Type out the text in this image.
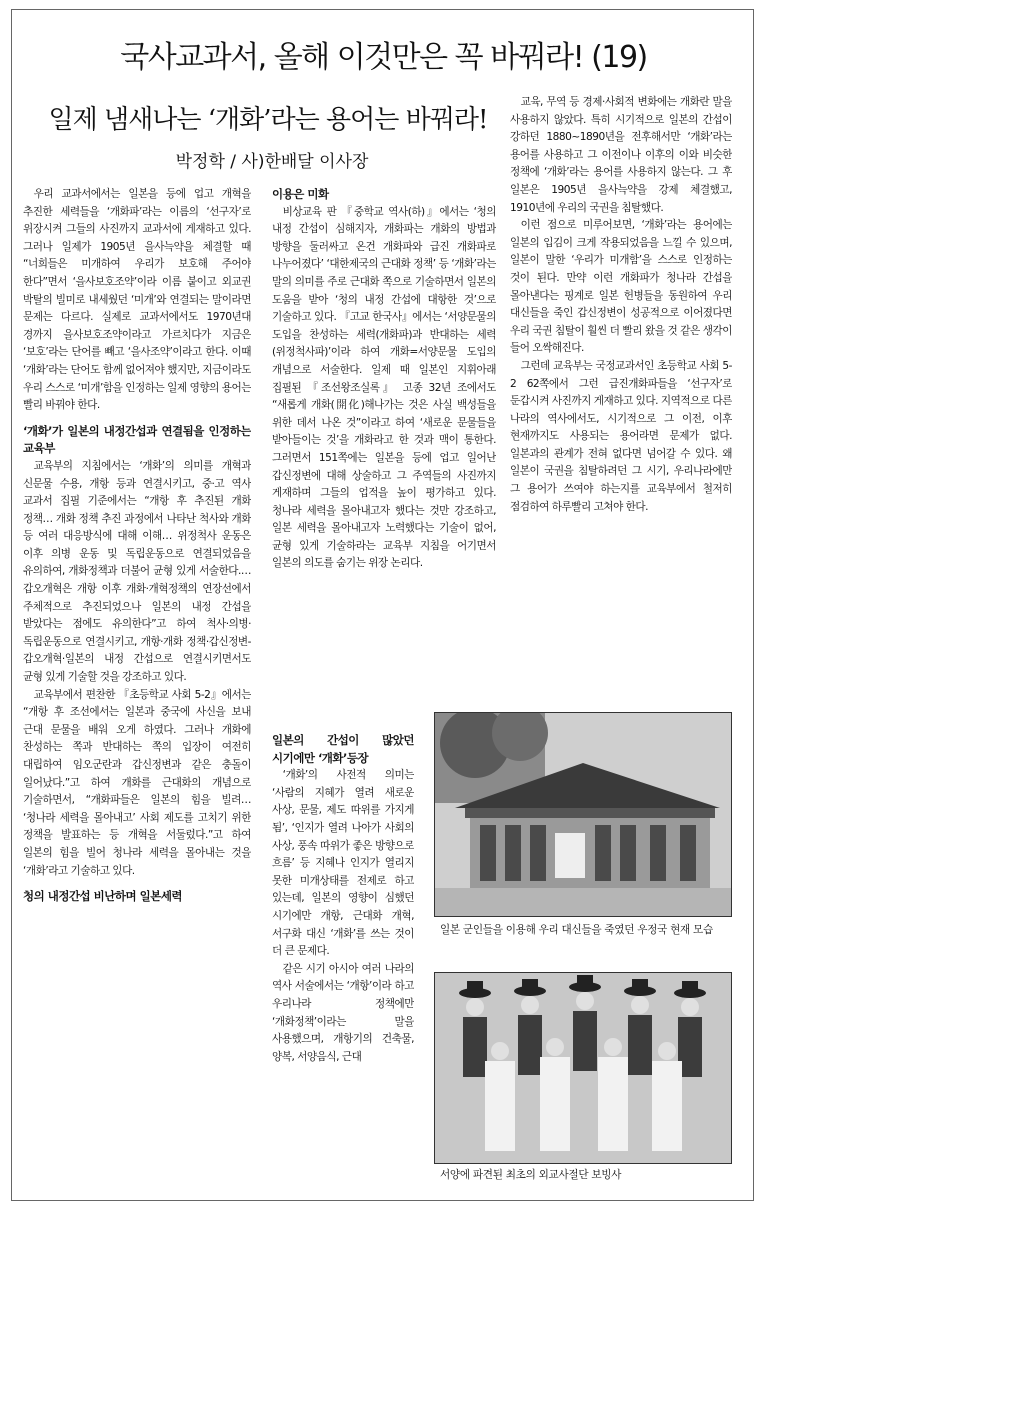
국사교과서, 올해 이것만은 꼭 바꿔라! (19)
일제 냄새나는 ‘개화’라는 용어는 바꿔라!
박정학 / 사)한배달 이사장

우리 교과서에서는 일본을 등에 업고 개혁을 추진한 세력들을 ‘개화파’라는 이름의 ‘선구자’로 위장시켜 그들의 사진까지 교과서에 게재하고 있다. 그러나 일제가 1905년 을사늑약을 체결할 때 “너희들은 미개하여 우리가 보호해 주어야 한다”면서 ‘을사보호조약’이라 이름 붙이고 외교권 박탈의 빌미로 내세웠던 ‘미개’와 연결되는 말이라면 문제는 다르다. 실제로 교과서에서도 1970년대 경까지 을사보호조약이라고 가르치다가 지금은 ‘보호’라는 단어를 빼고 ‘을사조약’이라고 한다. 이때 ‘개화’라는 단어도 함께 없어져야 했지만, 지금이라도 우리 스스로 ‘미개’함을 인정하는 일제 영향의 용어는 빨리 바꿔야 한다.

‘개화’가 일본의 내정간섭과 연결됨을 인정하는 교육부

교육부의 지침에서는 ‘개화’의 의미를 개혁과 신문물 수용, 개항 등과 연결시키고, 중·고 역사 교과서 집필 기준에서는 “개항 후 추진된 개화 정책… 개화 정책 추진 과정에서 나타난 척사와 개화 등 여러 대응방식에 대해 이해… 위정척사 운동은 이후 의병 운동 및 독립운동으로 연결되었음을 유의하여, 개화정책과 더불어 균형 있게 서술한다.… 갑오개혁은 개항 이후 개화·개혁정책의 연장선에서 주체적으로 추진되었으나 일본의 내정 간섭을 받았다는 점에도 유의한다”고 하여 척사·의병·독립운동으로 연결시키고, 개항·개화 정책·갑신정변-갑오개혁·일본의 내정 간섭으로 연결시키면서도 균형 있게 기술할 것을 강조하고 있다.

교육부에서 편찬한 『초등학교 사회 5-2』에서는 “개항 후 조선에서는 일본과 중국에 사신을 보내 근대 문물을 배워 오게 하였다. 그러나 개화에 찬성하는 쪽과 반대하는 쪽의 입장이 여전히 대립하여 임오군란과 갑신정변과 같은 충돌이 일어났다.”고 하여 개화를 근대화의 개념으로 기술하면서, “개화파들은 일본의 힘을 빌려… ‘청나라 세력을 몰아내고’ 사회 제도를 고치기 위한 정책을 발표하는 등 개혁을 서둘렀다.”고 하여 일본의 힘을 빌어 청나라 세력을 몰아내는 것을 ‘개화’라고 기술하고 있다.

청의 내정간섭 비난하며 일본세력
이용은 미화

비상교육 판 『중학교 역사(하)』에서는 ‘청의 내정 간섭이 심해지자, 개화파는 개화의 방법과 방향을 둘러싸고 온건 개화파와 급진 개화파로 나누어졌다’ ‘대한제국의 근대화 정책’ 등 ‘개화’라는 말의 의미를 주로 근대화 쪽으로 기술하면서 일본의 도움을 받아 ‘청의 내정 간섭에 대항한 것’으로 기술하고 있다. 『고교 한국사』에서는 ‘서양문물의 도입을 찬성하는 세력(개화파)과 반대하는 세력(위정척사파)’이라 하여 개화=서양문물 도입의 개념으로 서술한다. 일제 때 일본인 지휘아래 집필된 『조선왕조실록』 고종 32년 조에서도 “새롭게 개화(開化)해나가는 것은 사실 백성들을 위한 데서 나온 것”이라고 하여 ‘새로운 문물들을 받아들이는 것’을 개화라고 한 것과 맥이 통한다. 그러면서 151쪽에는 일본을 등에 업고 일어난 갑신정변에 대해 상술하고 그 주역들의 사진까지 게재하며 그들의 업적을 높이 평가하고 있다. 청나라 세력을 몰아내고자 했다는 것만 강조하고, 일본 세력을 몰아내고자 노력했다는 기술이 없어, 균형 있게 기술하라는 교육부 지침을 어기면서 일본의 의도를 숨기는 위장 논리다.

일본의 간섭이 많았던 시기에만 ‘개화’등장

‘개화’의 사전적 의미는 ‘사람의 지혜가 열려 새로운 사상, 문물, 제도 따위를 가지게 됨’, ‘인지가 열려 나아가 사회의 사상, 풍속 따위가 좋은 방향으로 흐름’ 등 지혜나 인지가 열리지 못한 미개상태를 전제로 하고 있는데, 일본의 영향이 심했던 시기에만 개항, 근대화 개혁, 서구화 대신 ‘개화’를 쓰는 것이 더 큰 문제다.

같은 시기 아시아 여러 나라의 역사 서술에서는 ‘개항’이라 하고 우리나라 정책에만 ‘개화정책’이라는 말을 사용했으며, 개항기의 건축물, 양복, 서양음식, 근대

교육, 무역 등 경제·사회적 변화에는 개화란 말을 사용하지 않았다. 특히 시기적으로 일본의 간섭이 강하던 1880~1890년을 전후해서만 ‘개화’라는 용어를 사용하고 그 이전이나 이후의 이와 비슷한 정책에 ‘개화’라는 용어를 사용하지 않는다. 그 후 일본은 1905년 을사늑약을 강제 체결했고, 1910년에 우리의 국권을 침탈했다.

이런 점으로 미루어보면, ‘개화’라는 용어에는 일본의 입김이 크게 작용되었음을 느낄 수 있으며, 일본이 말한 ‘우리가 미개함’을 스스로 인정하는 것이 된다. 만약 이런 개화파가 청나라 간섭을 몰아낸다는 핑계로 일본 헌병들을 동원하여 우리 대신들을 죽인 갑신정변이 성공적으로 이어졌다면 우리 국권 침탈이 훨씬 더 빨리 왔을 것 같은 생각이 들어 오싹해진다.

그런데 교육부는 국정교과서인 초등학교 사회 5-2 62쪽에서 그런 급진개화파들을 ‘선구자’로 둔갑시켜 사진까지 게재하고 있다. 지역적으로 다른 나라의 역사에서도, 시기적으로 그 이전, 이후 현재까지도 사용되는 용어라면 문제가 없다. 일본과의 관계가 전혀 없다면 넘어갈 수 있다. 왜 일본이 국권을 침탈하려던 그 시기, 우리나라에만 그 용어가 쓰여야 하는지를 교육부에서 철저히 점검하여 하루빨리 고쳐야 한다.

일본 군인들을 이용해 우리 대신들을 죽였던 우정국 현재 모습
서양에 파견된 최초의 외교사절단 보빙사
